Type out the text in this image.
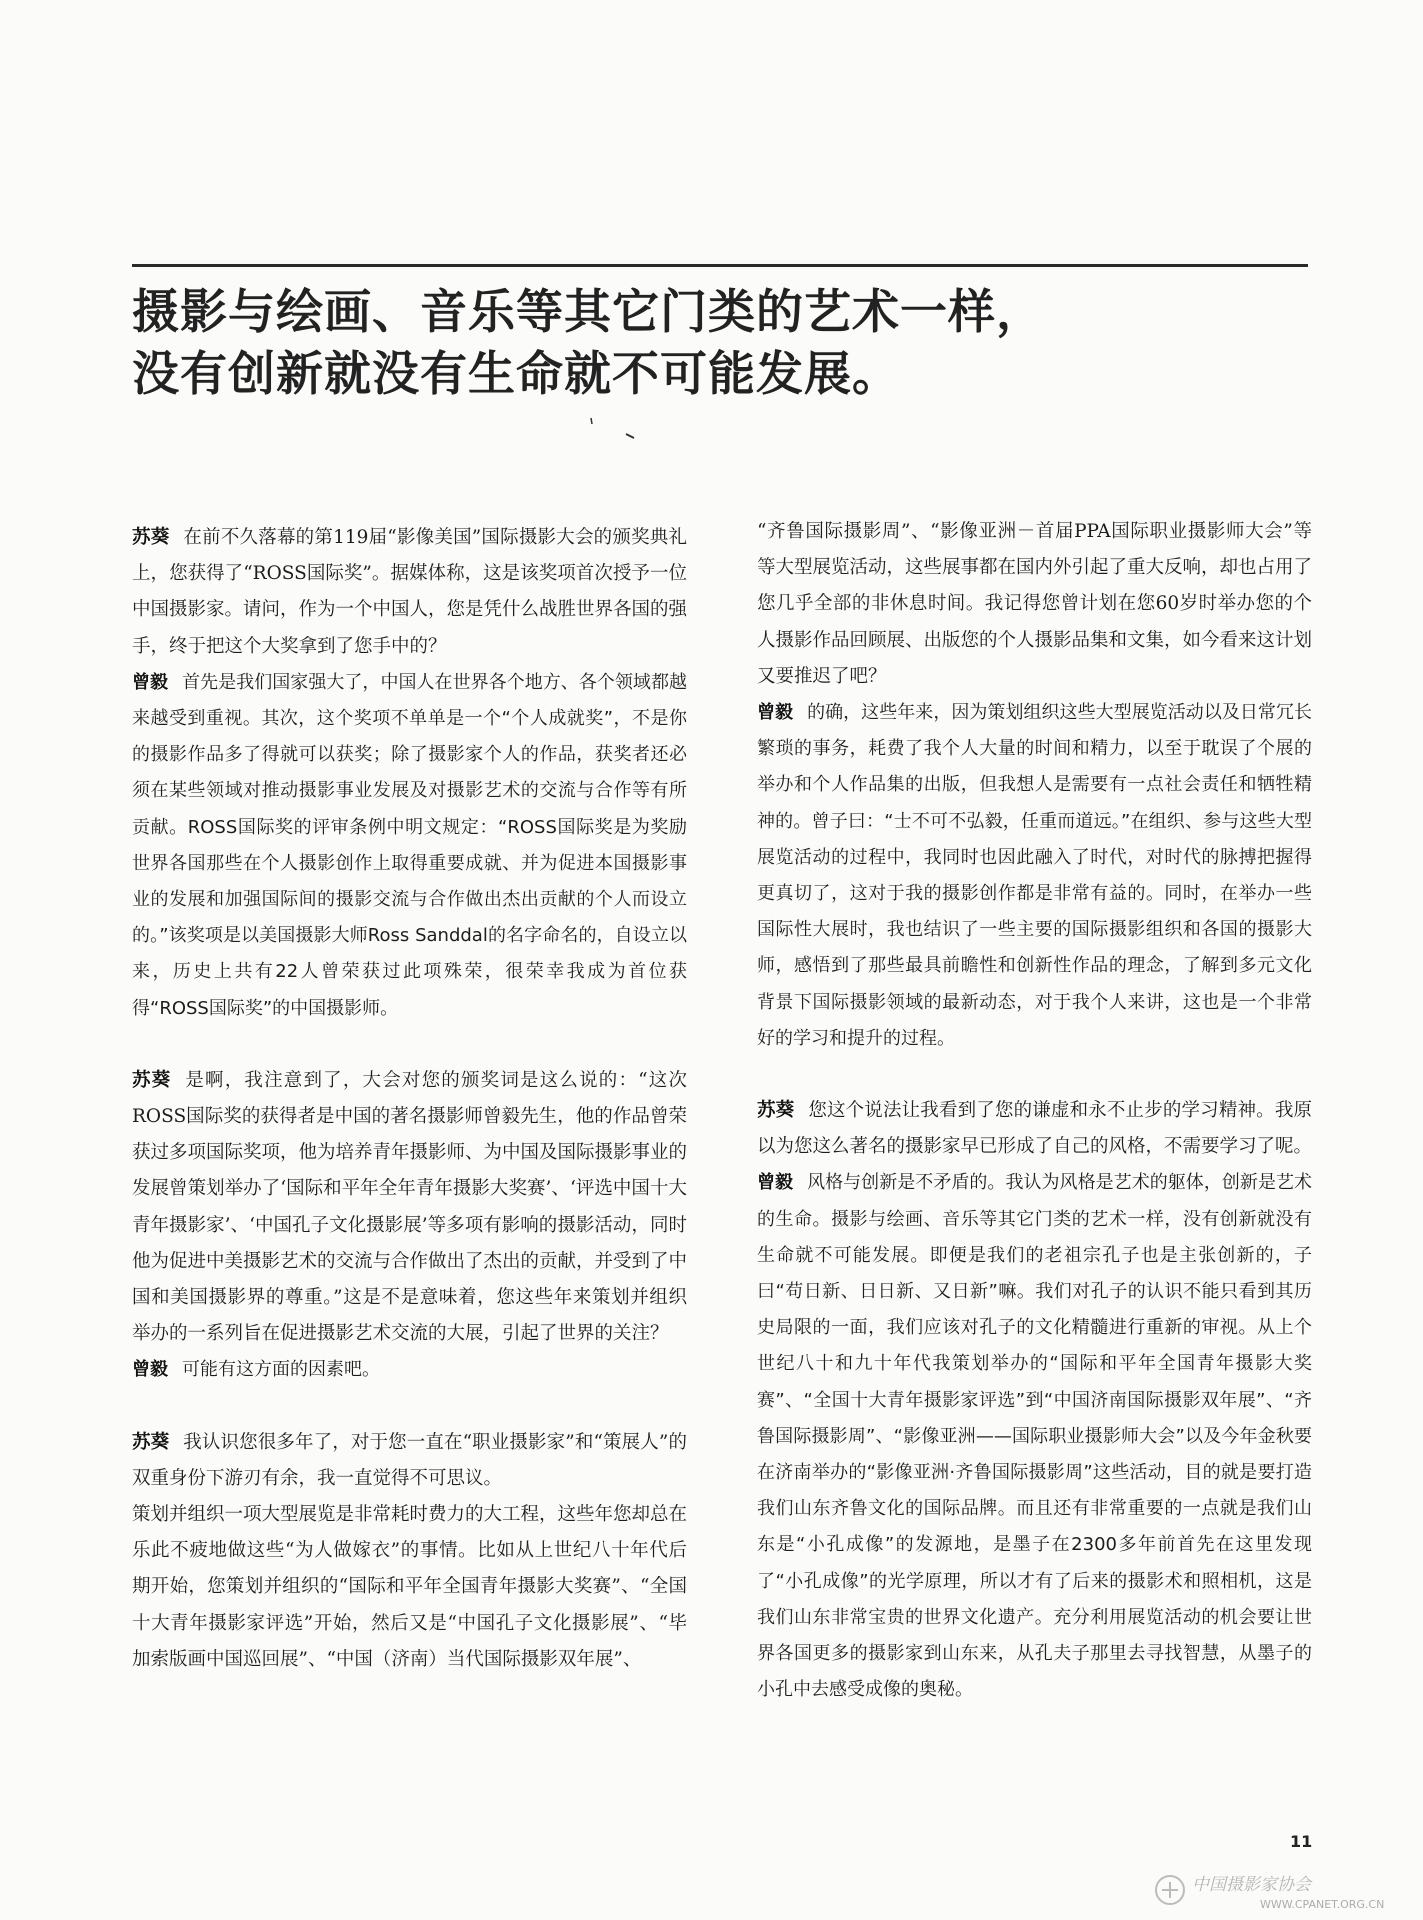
摄影与绘画、音乐等其它门类的艺术一样，
没有创新就没有生命就不可能发展。

苏葵 在前不久落幕的第119届“影像美国”国际摄影大会的颁奖典礼上，您获得了“ROSS国际奖”。据媒体称，这是该奖项首次授予一位中国摄影家。请问，作为一个中国人，您是凭什么战胜世界各国的强手，终于把这个大奖拿到了您手中的？

曾毅 首先是我们国家强大了，中国人在世界各个地方、各个领域都越来越受到重视。其次，这个奖项不单单是一个“个人成就奖”，不是你的摄影作品多了得就可以获奖；除了摄影家个人的作品，获奖者还必须在某些领域对推动摄影事业发展及对摄影艺术的交流与合作等有所贡献。ROSS国际奖的评审条例中明文规定：“ROSS国际奖是为奖励世界各国那些在个人摄影创作上取得重要成就、并为促进本国摄影事业的发展和加强国际间的摄影交流与合作做出杰出贡献的个人而设立的。”该奖项是以美国摄影大师Ross Sanddal的名字命名的，自设立以来，历史上共有22人曾荣获过此项殊荣，很荣幸我成为首位获得“ROSS国际奖”的中国摄影师。

苏葵 是啊，我注意到了，大会对您的颁奖词是这么说的：“这次ROSS国际奖的获得者是中国的著名摄影师曾毅先生，他的作品曾荣获过多项国际奖项，他为培养青年摄影师、为中国及国际摄影事业的发展曾策划举办了‘国际和平年全年青年摄影大奖赛’、‘评选中国十大青年摄影家’、‘中国孔子文化摄影展’等多项有影响的摄影活动，同时他为促进中美摄影艺术的交流与合作做出了杰出的贡献，并受到了中国和美国摄影界的尊重。”这是不是意味着，您这些年来策划并组织举办的一系列旨在促进摄影艺术交流的大展，引起了世界的关注？

曾毅 可能有这方面的因素吧。

苏葵 我认识您很多年了，对于您一直在“职业摄影家”和“策展人”的双重身份下游刃有余，我一直觉得不可思议。

策划并组织一项大型展览是非常耗时费力的大工程，这些年您却总在乐此不疲地做这些“为人做嫁衣”的事情。比如从上世纪八十年代后期开始，您策划并组织的“国际和平年全国青年摄影大奖赛”、“全国十大青年摄影家评选”开始，然后又是“中国孔子文化摄影展”、“毕加索版画中国巡回展”、“中国（济南）当代国际摄影双年展”、

“齐鲁国际摄影周”、“影像亚洲－首届PPA国际职业摄影师大会”等等大型展览活动，这些展事都在国内外引起了重大反响，却也占用了您几乎全部的非休息时间。我记得您曾计划在您60岁时举办您的个人摄影作品回顾展、出版您的个人摄影品集和文集，如今看来这计划又要推迟了吧？

曾毅 的确，这些年来，因为策划组织这些大型展览活动以及日常冗长繁琐的事务，耗费了我个人大量的时间和精力，以至于耽误了个展的举办和个人作品集的出版，但我想人是需要有一点社会责任和牺牲精神的。曾子曰：“士不可不弘毅，任重而道远。”在组织、参与这些大型展览活动的过程中，我同时也因此融入了时代，对时代的脉搏把握得更真切了，这对于我的摄影创作都是非常有益的。同时，在举办一些国际性大展时，我也结识了一些主要的国际摄影组织和各国的摄影大师，感悟到了那些最具前瞻性和创新性作品的理念，了解到多元文化背景下国际摄影领域的最新动态，对于我个人来讲，这也是一个非常好的学习和提升的过程。

苏葵 您这个说法让我看到了您的谦虚和永不止步的学习精神。我原以为您这么著名的摄影家早已形成了自己的风格，不需要学习了呢。

曾毅 风格与创新是不矛盾的。我认为风格是艺术的躯体，创新是艺术的生命。摄影与绘画、音乐等其它门类的艺术一样，没有创新就没有生命就不可能发展。即便是我们的老祖宗孔子也是主张创新的，子曰“苟日新、日日新、又日新”嘛。我们对孔子的认识不能只看到其历史局限的一面，我们应该对孔子的文化精髓进行重新的审视。从上个世纪八十和九十年代我策划举办的“国际和平年全国青年摄影大奖赛”、“全国十大青年摄影家评选”到“中国济南国际摄影双年展”、“齐鲁国际摄影周”、“影像亚洲——国际职业摄影师大会”以及今年金秋要在济南举办的“影像亚洲·齐鲁国际摄影周”这些活动，目的就是要打造我们山东齐鲁文化的国际品牌。而且还有非常重要的一点就是我们山东是“小孔成像”的发源地，是墨子在2300多年前首先在这里发现了“小孔成像”的光学原理，所以才有了后来的摄影术和照相机，这是我们山东非常宝贵的世界文化遗产。充分利用展览活动的机会要让世界各国更多的摄影家到山东来，从孔夫子那里去寻找智慧，从墨子的小孔中去感受成像的奥秘。

11
中国摄影家协会
WWW.CPANET.ORG.CN
